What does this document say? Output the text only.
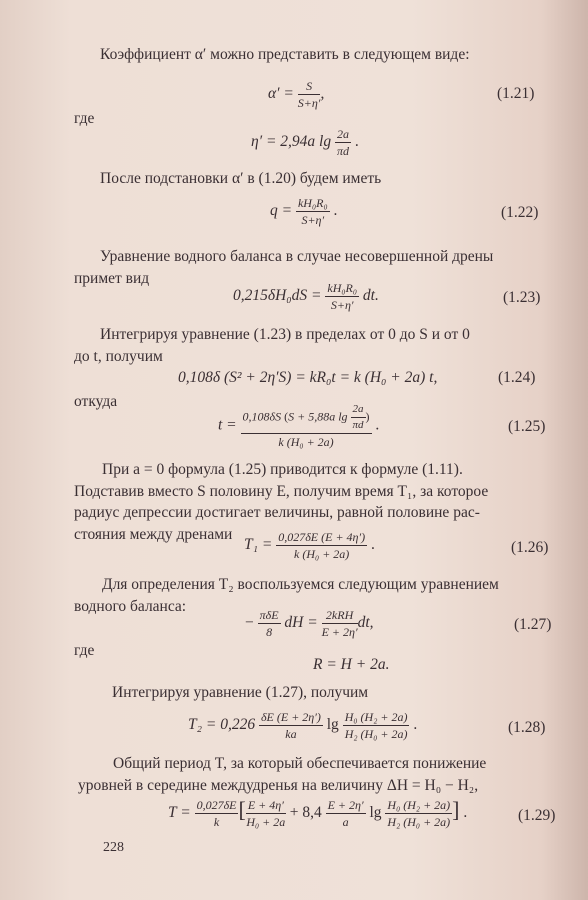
Коэффициент α′ можно представить в следующем виде:
$\alpha' = \frac{S}{S+\eta'}$ ,	(1.21)
где
η′ = 2,94a $\lg \frac{2a}{\pi d}$ .
После подстановки α′ в (1.20) будем иметь
$q = \frac{\text{kH₀R₀}}{S+\eta'}$ .	(1.22)
Уравнение водного баланса в случае несовершенной дрены
примет вид
$0,215\delta H_0dS = \frac{\text{kH₀R₀}}{S+\eta'}$ dt.	(1.23)
Интегрируя уравнение (1.23) в пределах от 0 до S и от 0
до t, получим
0,108δ (S² + 2η′S) = kR₀t = k (H₀ + 2a) t,	(1.24)
откуда
$t = \frac{0,108\delta S (S + 5,88a \lg \frac{2a}{\pi d} )}{\text{k (H₀ + 2a)}}$ .	(1.25)
При a = 0 формула (1.25) приводится к формуле (1.11).
Подставив вместо S половину E, получим время T₁, за которое
радиус депрессии достигает величины, равной половине рас-
стояния между дренами
$T_1 = \frac{0,027\delta E (E + 4\eta')}{\text{k (H₀ + 2a)}}$ .	(1.26)
Для определения T₂ воспользуемся следующим уравнением
водного баланса:
− $\frac{\text{πδE}}{8}$ dH = $\frac{\text{2kRH}}{E + 2\eta'}$ dt,	(1.27)
где
R = H + 2a.
Интегрируя уравнение (1.27), получим
$T_2 = 0,226 \frac{\delta E (E + 2\eta')}{ka}$ $\lg \frac{\text{H₀ (H₂ + 2a)}}{\text{H₂ (H₀ + 2a)}}$ .	(1.28)
Общий период T, за который обеспечивается понижение
уровней в середине междудренья на величину ΔH = H₀ − H₂,
$T = \frac{0,027\delta E}{k}$ [ $\frac{E + 4\eta'}{\text{H₀ + 2a}} + 8,4 \frac{E + 2\eta'}{a}$ $\lg \frac{\text{H₀ (H₂ + 2a)}}{\text{H₂ (H₀ + 2a)}}$ ] .	(1.29)
228
